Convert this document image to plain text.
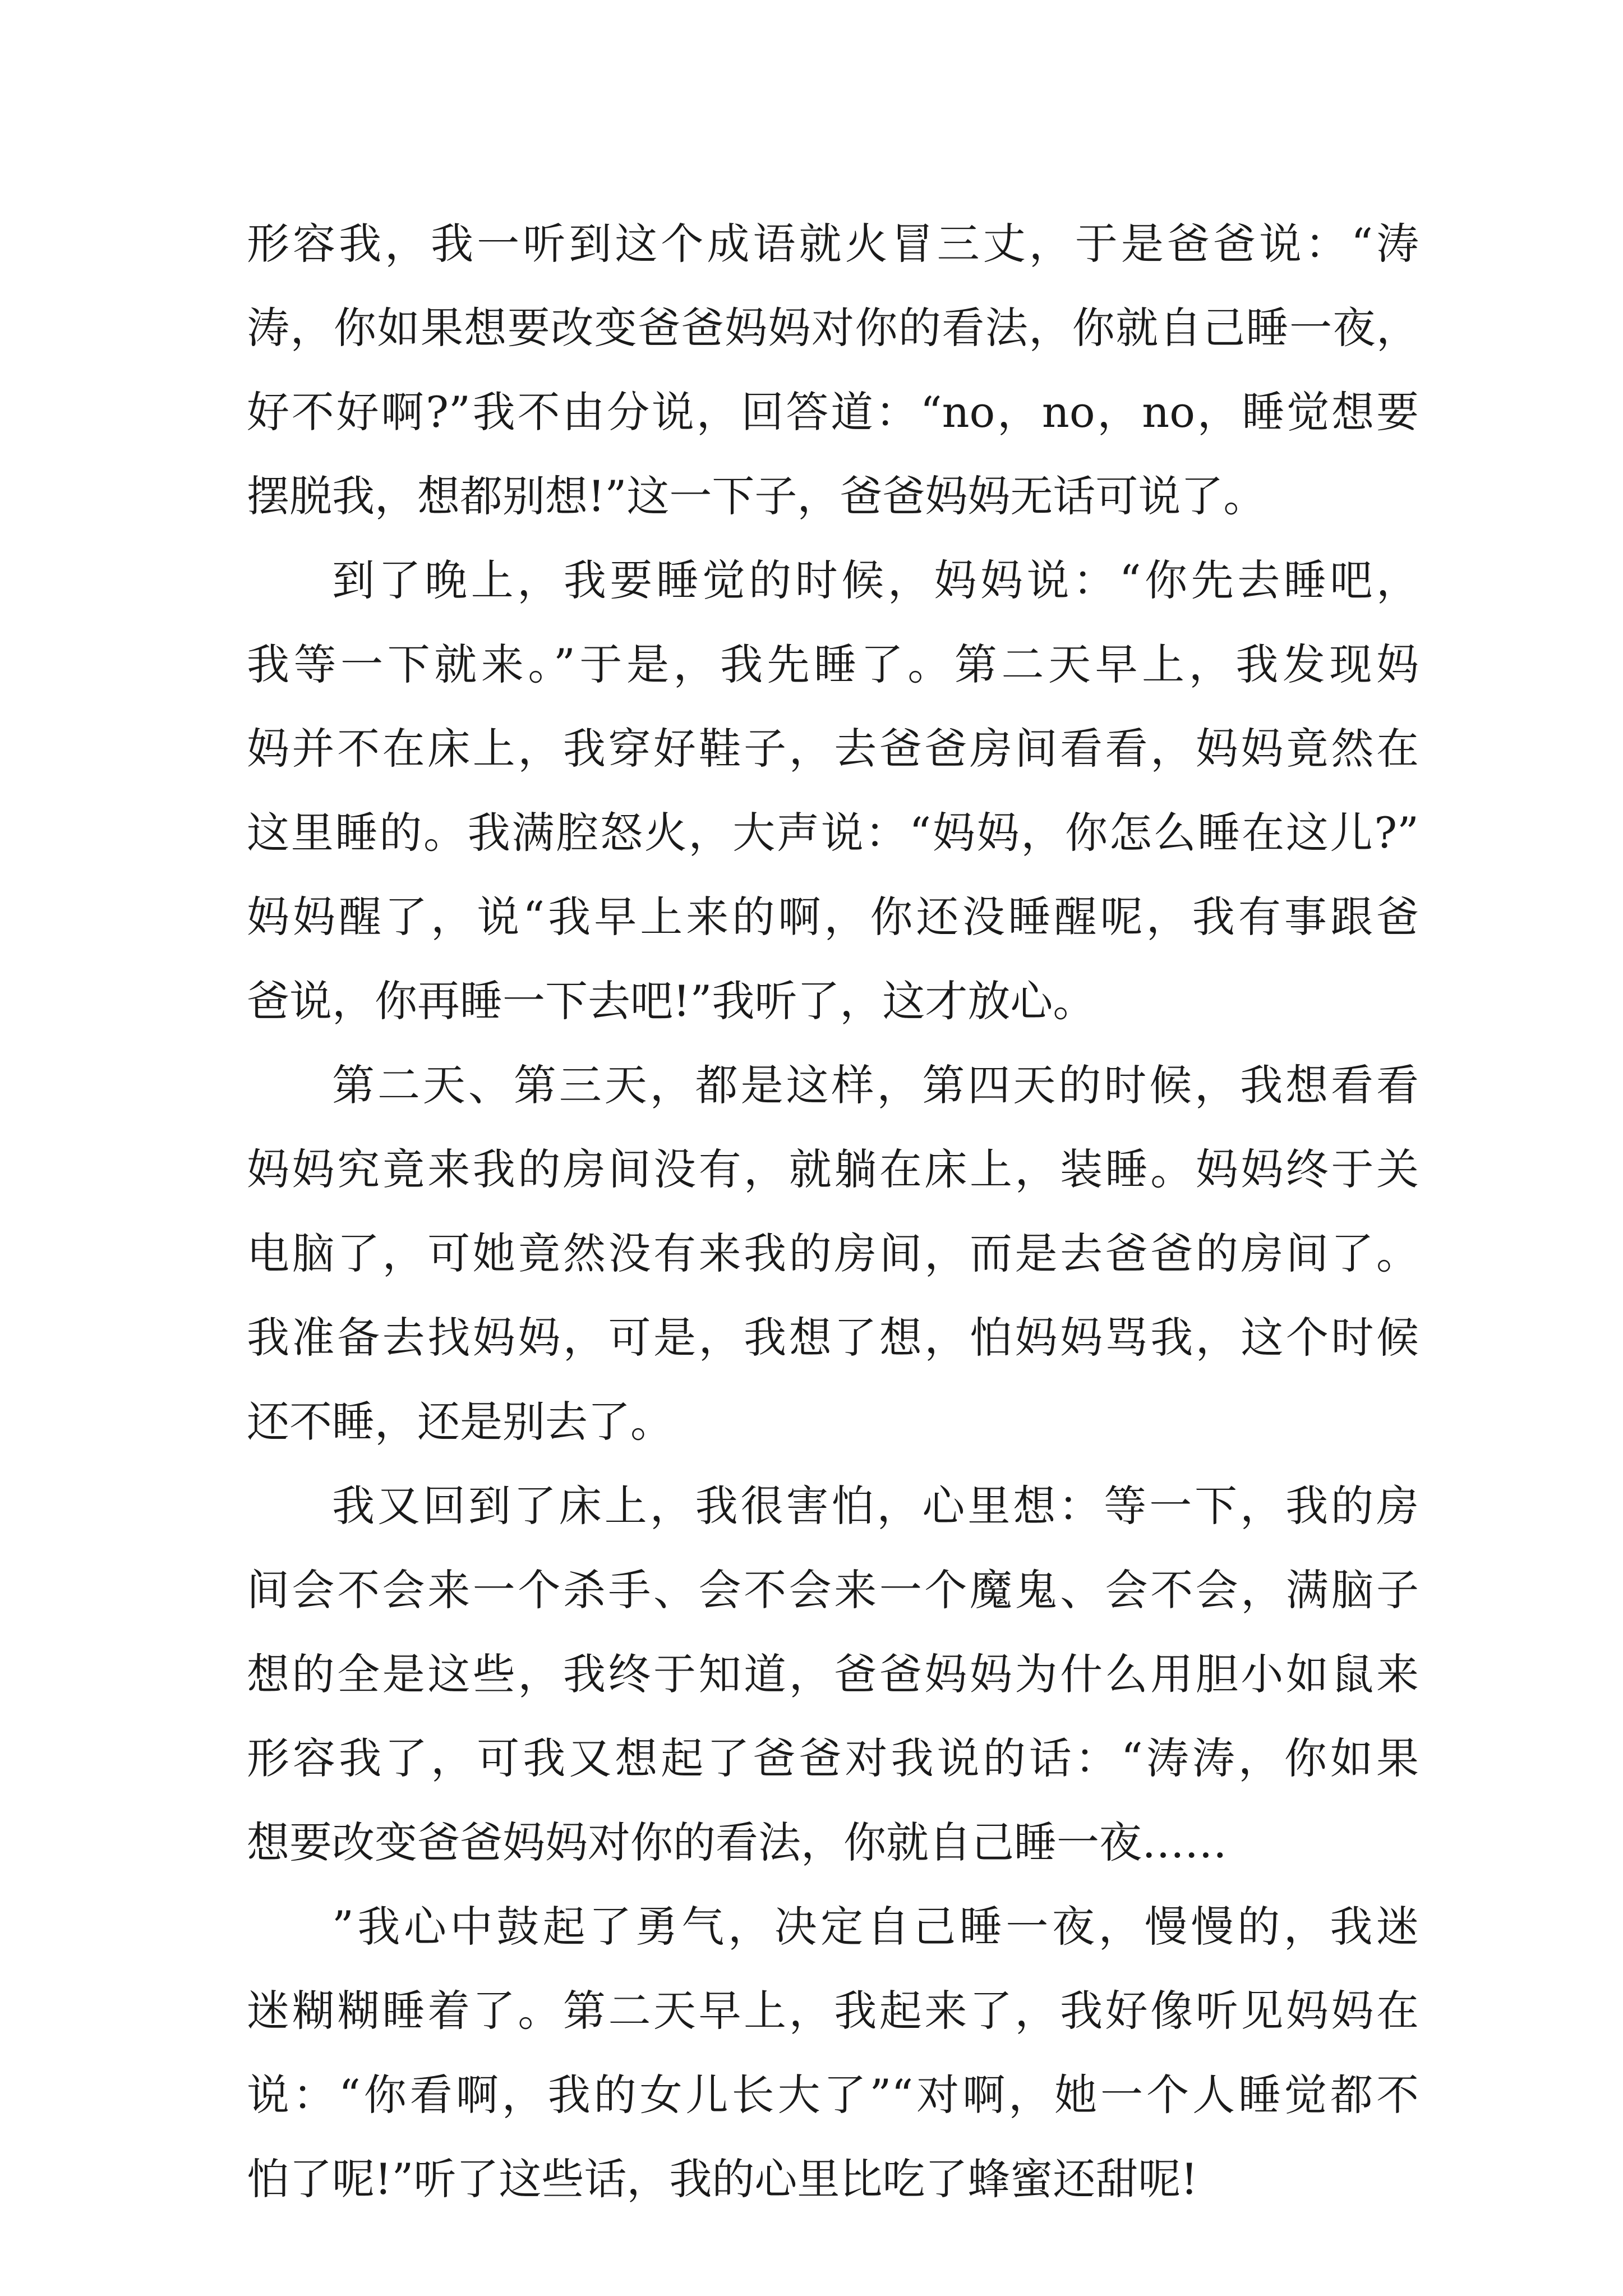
形容我，我一听到这个成语就火冒三丈，于是爸爸说：“涛
涛，你如果想要改变爸爸妈妈对你的看法，你就自己睡一夜，
好不好啊?”我不由分说，回答道：“no，no，no，睡觉想要
摆脱我，想都别想!”这一下子，爸爸妈妈无话可说了。
到了晚上，我要睡觉的时候，妈妈说：“你先去睡吧，
我等一下就来。”于是，我先睡了。第二天早上，我发现妈
妈并不在床上，我穿好鞋子，去爸爸房间看看，妈妈竟然在
这里睡的。我满腔怒火，大声说：“妈妈，你怎么睡在这儿?”
妈妈醒了，说“我早上来的啊，你还没睡醒呢，我有事跟爸
爸说，你再睡一下去吧!”我听了，这才放心。
第二天、第三天，都是这样，第四天的时候，我想看看
妈妈究竟来我的房间没有，就躺在床上，装睡。妈妈终于关
电脑了，可她竟然没有来我的房间，而是去爸爸的房间了。
我准备去找妈妈，可是，我想了想，怕妈妈骂我，这个时候
还不睡，还是别去了。
我又回到了床上，我很害怕，心里想：等一下，我的房
间会不会来一个杀手、会不会来一个魔鬼、会不会，满脑子
想的全是这些，我终于知道，爸爸妈妈为什么用胆小如鼠来
形容我了，可我又想起了爸爸对我说的话：“涛涛，你如果
想要改变爸爸妈妈对你的看法，你就自己睡一夜……
”我心中鼓起了勇气，决定自己睡一夜，慢慢的，我迷
迷糊糊睡着了。第二天早上，我起来了，我好像听见妈妈在
说：“你看啊，我的女儿长大了”“对啊，她一个人睡觉都不
怕了呢!”听了这些话，我的心里比吃了蜂蜜还甜呢!
